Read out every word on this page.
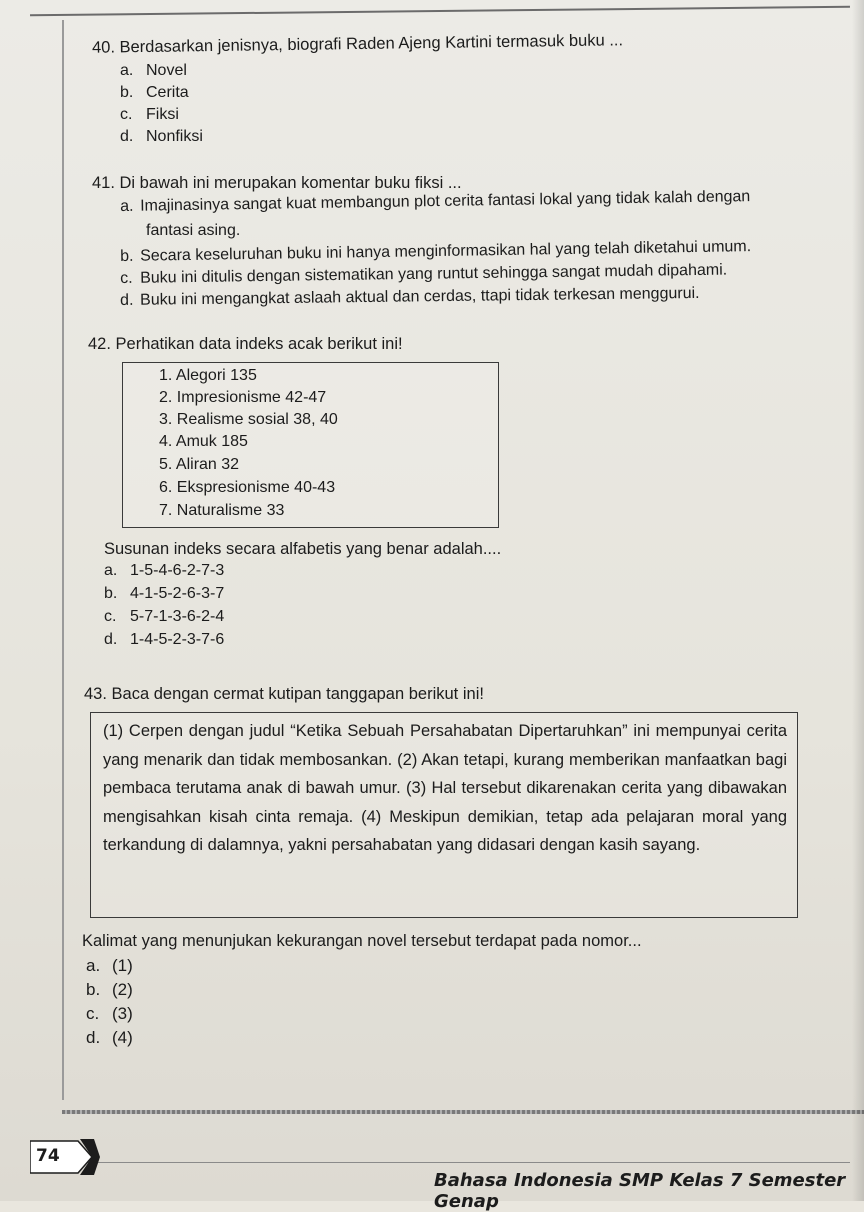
40. Berdasarkan jenisnya, biografi Raden Ajeng Kartini termasuk buku ...
a. Novel
b. Cerita
c. Fiksi
d. Nonfiksi
41. Di bawah ini merupakan komentar buku fiksi ...
a. Imajinasinya sangat kuat membangun plot cerita fantasi lokal yang tidak kalah dengan
fantasi asing.
b. Secara keseluruhan buku ini hanya menginformasikan hal yang telah diketahui umum.
c. Buku ini ditulis dengan sistematikan yang runtut sehingga sangat mudah dipahami.
d. Buku ini mengangkat aslaah aktual dan cerdas, ttapi tidak terkesan menggurui.
42. Perhatikan data indeks acak berikut ini!
1. Alegori 135
2. Impresionisme 42-47
3. Realisme sosial 38, 40
4. Amuk 185
5. Aliran 32
6. Ekspresionisme 40-43
7. Naturalisme 33
Susunan indeks secara alfabetis yang benar adalah....
a. 1-5-4-6-2-7-3
b. 4-1-5-2-6-3-7
c. 5-7-1-3-6-2-4
d. 1-4-5-2-3-7-6
43. Baca dengan cermat kutipan tanggapan berikut ini!
(1) Cerpen dengan judul “Ketika Sebuah Persahabatan Dipertaruhkan” ini mempunyai cerita yang menarik dan tidak membosankan. (2) Akan tetapi, kurang memberikan manfaatkan bagi pembaca terutama anak di bawah umur. (3) Hal tersebut dikarenakan cerita yang dibawakan mengisahkan kisah cinta remaja. (4) Meskipun demikian, tetap ada pelajaran moral yang terkandung di dalamnya, yakni persahabatan yang didasari dengan kasih sayang.
Kalimat yang menunjukan kekurangan novel tersebut terdapat pada nomor...
a. (1)
b. (2)
c. (3)
d. (4)
74
Bahasa Indonesia SMP Kelas 7 Semester Genap
